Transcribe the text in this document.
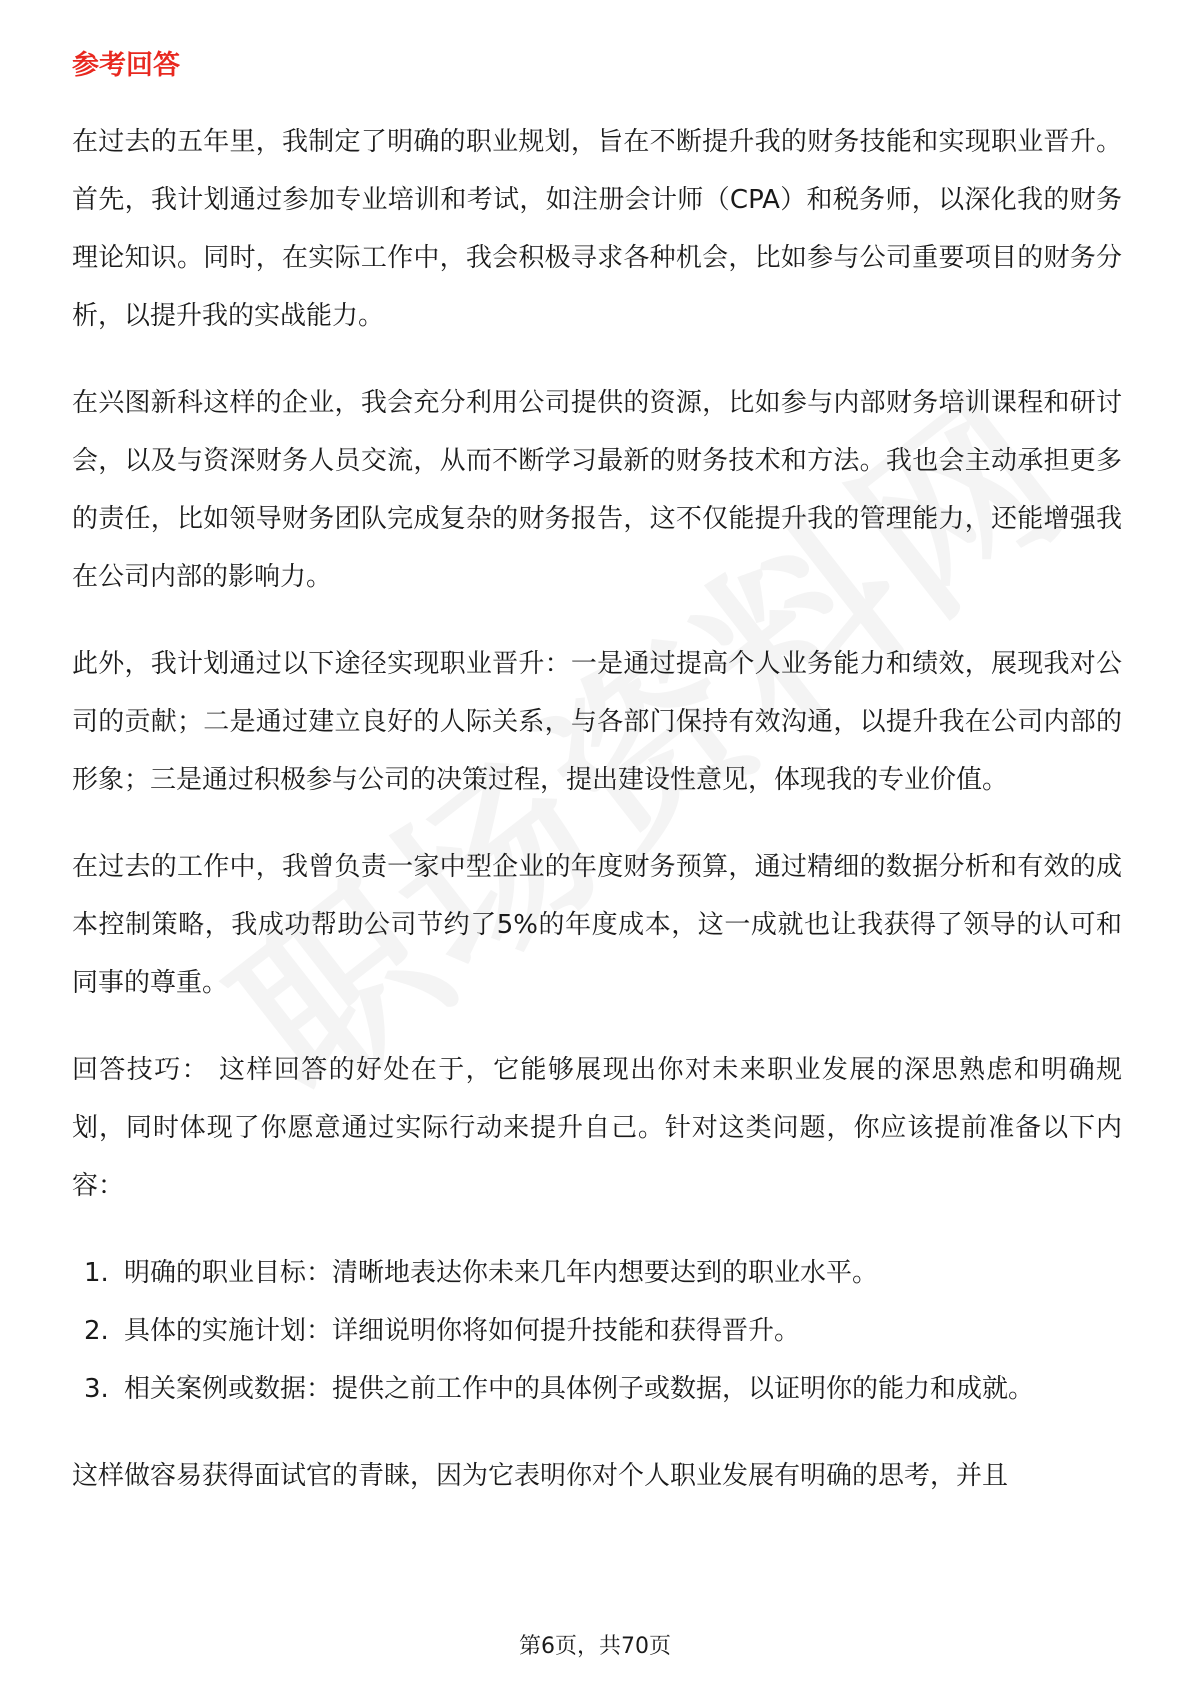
参考回答

在过去的五年里，我制定了明确的职业规划，旨在不断提升我的财务技能和实现职业晋升。首先，我计划通过参加专业培训和考试，如注册会计师（CPA）和税务师，以深化我的财务理论知识。同时，在实际工作中，我会积极寻求各种机会，比如参与公司重要项目的财务分析，以提升我的实战能力。

在兴图新科这样的企业，我会充分利用公司提供的资源，比如参与内部财务培训课程和研讨会，以及与资深财务人员交流，从而不断学习最新的财务技术和方法。我也会主动承担更多的责任，比如领导财务团队完成复杂的财务报告，这不仅能提升我的管理能力，还能增强我在公司内部的影响力。

此外，我计划通过以下途径实现职业晋升：一是通过提高个人业务能力和绩效，展现我对公司的贡献；二是通过建立良好的人际关系，与各部门保持有效沟通，以提升我在公司内部的形象；三是通过积极参与公司的决策过程，提出建设性意见，体现我的专业价值。

在过去的工作中，我曾负责一家中型企业的年度财务预算，通过精细的数据分析和有效的成本控制策略，我成功帮助公司节约了5%的年度成本，这一成就也让我获得了领导的认可和同事的尊重。

回答技巧： 这样回答的好处在于，它能够展现出你对未来职业发展的深思熟虑和明确规划，同时体现了你愿意通过实际行动来提升自己。针对这类问题，你应该提前准备以下内容：

1. 明确的职业目标：清晰地表达你未来几年内想要达到的职业水平。
2. 具体的实施计划：详细说明你将如何提升技能和获得晋升。
3. 相关案例或数据：提供之前工作中的具体例子或数据，以证明你的能力和成就。

这样做容易获得面试官的青睐，因为它表明你对个人职业发展有明确的思考，并且

第6页，共70页
